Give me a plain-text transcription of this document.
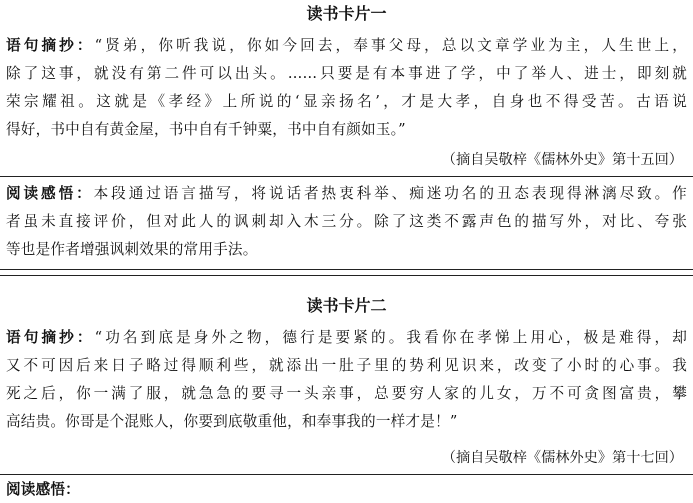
读书卡片一
语句摘抄：“贤弟，你听我说，你如今回去，奉事父母，总以文章学业为主，人生世上，
除了这事，就没有第二件可以出头。……只要是有本事进了学，中了举人、进士，即刻就
荣宗耀祖。这就是《孝经》上所说的‘显亲扬名’，才是大孝，自身也不得受苦。古语说
得好，书中自有黄金屋，书中自有千钟粟，书中自有颜如玉。”
（摘自吴敬梓《儒林外史》第十五回）
阅读感悟：本段通过语言描写，将说话者热衷科举、痴迷功名的丑态表现得淋漓尽致。作
者虽未直接评价，但对此人的讽刺却入木三分。除了这类不露声色的描写外，对比、夸张
等也是作者增强讽刺效果的常用手法。
读书卡片二
语句摘抄：“功名到底是身外之物，德行是要紧的。我看你在孝悌上用心，极是难得，却
又不可因后来日子略过得顺利些，就添出一肚子里的势利见识来，改变了小时的心事。我
死之后，你一满了服，就急急的要寻一头亲事，总要穷人家的儿女，万不可贪图富贵，攀
高结贵。你哥是个混账人，你要到底敬重他，和奉事我的一样才是！”
（摘自吴敬梓《儒林外史》第十七回）
阅读感悟：
